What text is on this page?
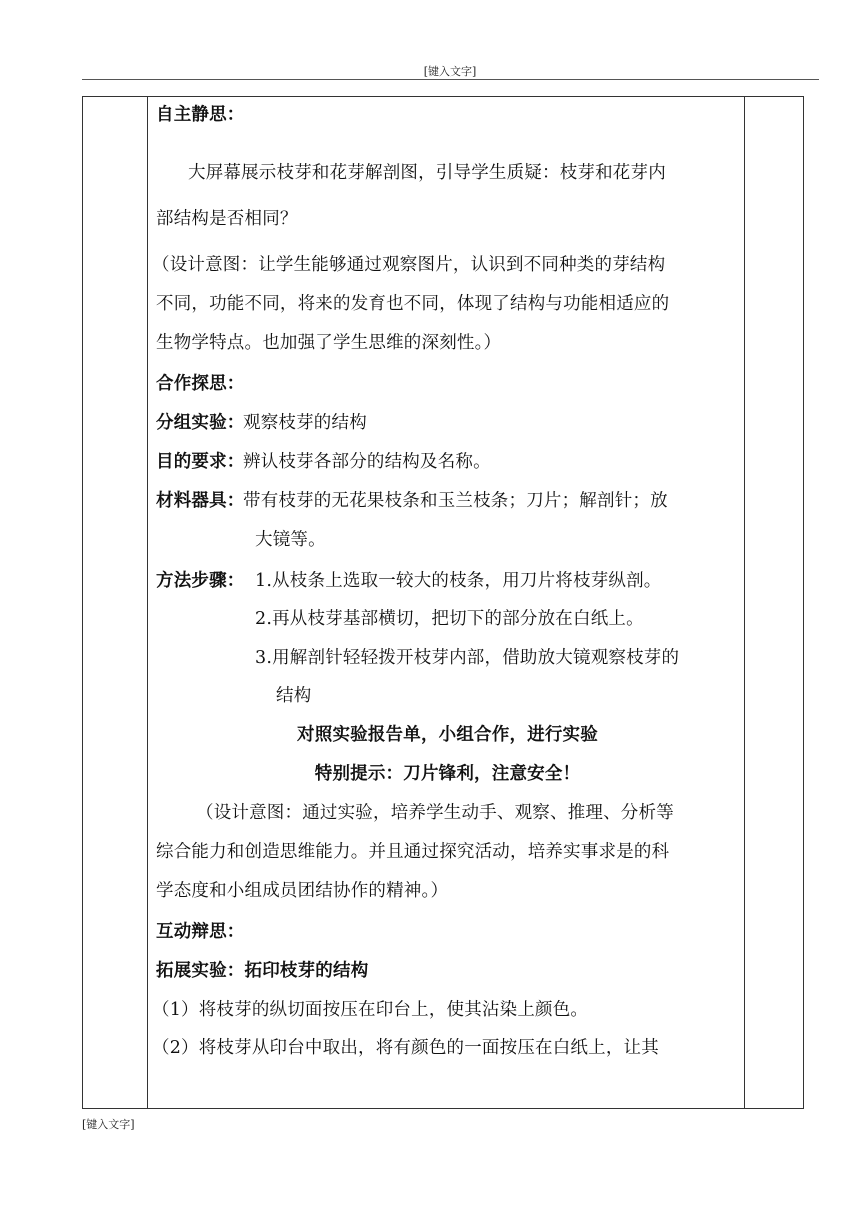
[键入文字]
自主静思：
大屏幕展示枝芽和花芽解剖图，引导学生质疑：枝芽和花芽内
部结构是否相同？
（设计意图：让学生能够通过观察图片，认识到不同种类的芽结构
不同，功能不同，将来的发育也不同，体现了结构与功能相适应的
生物学特点。也加强了学生思维的深刻性。）
合作探思：
分组实验：
观察枝芽的结构
目的要求：
辨认枝芽各部分的结构及名称。
材料器具：
带有枝芽的无花果枝条和玉兰枝条；刀片；解剖针；放
大镜等。
方法步骤： 1.从枝条上选取一较大的枝条，用刀片将枝芽纵剖。
2.再从枝芽基部横切，把切下的部分放在白纸上。
3.用解剖针轻轻拨开枝芽内部，借助放大镜观察枝芽的
结构
对照实验报告单，小组合作，进行实验
特别提示：刀片锋利，注意安全！
（设计意图：通过实验，培养学生动手、观察、推理、分析等
综合能力和创造思维能力。并且通过探究活动，培养实事求是的科
学态度和小组成员团结协作的精神。）
互动辩思：
拓展实验：拓印枝芽的结构
（1）将枝芽的纵切面按压在印台上，使其沾染上颜色。
（2）将枝芽从印台中取出，将有颜色的一面按压在白纸上，让其
[键入文字]
